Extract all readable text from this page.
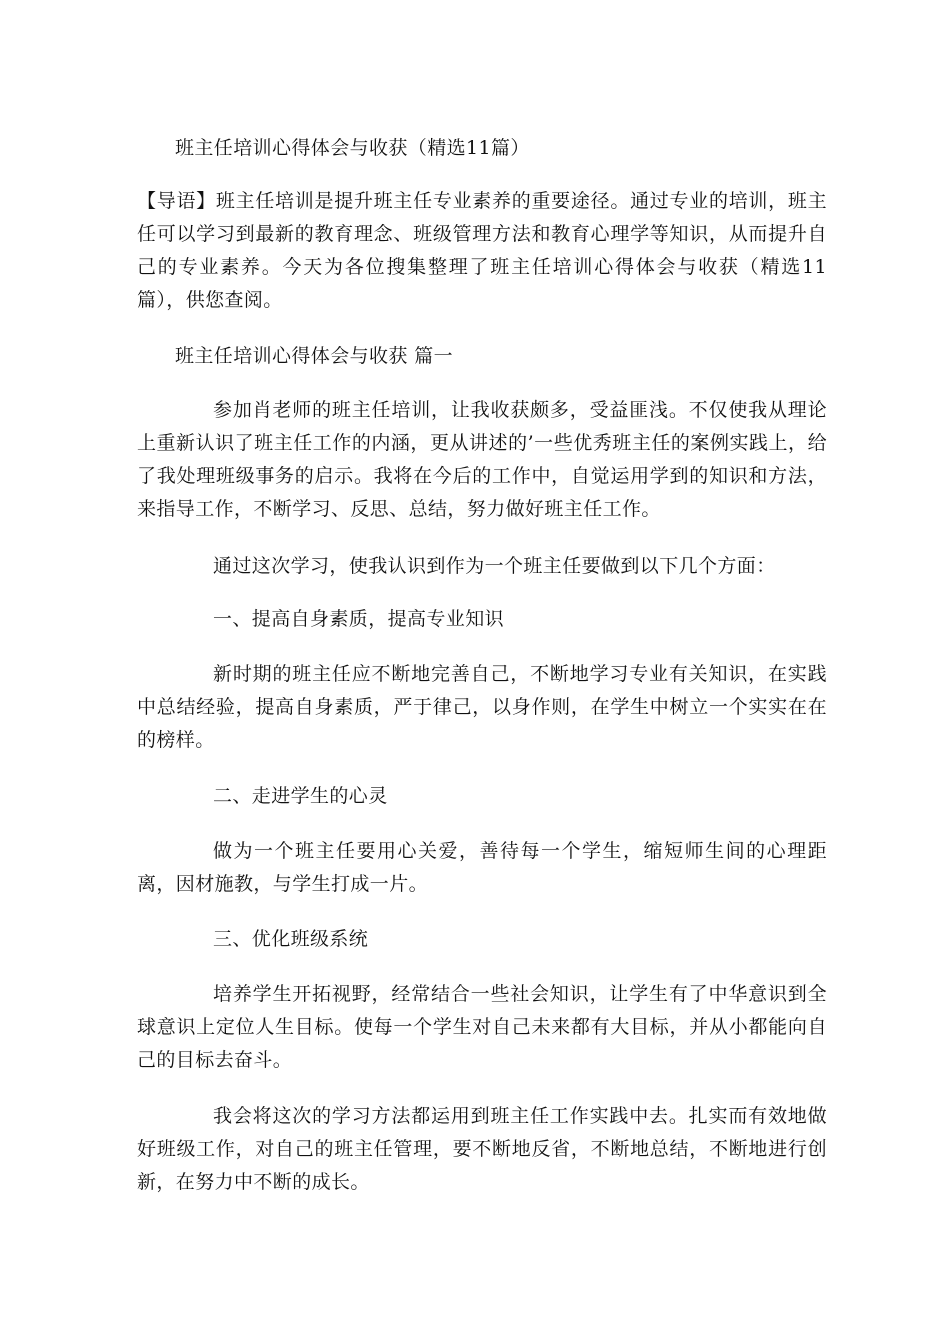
班主任培训心得体会与收获（精选11篇）
【导语】班主任培训是提升班主任专业素养的重要途径。通过专业的培训，班主任可以学习到最新的教育理念、班级管理方法和教育心理学等知识，从而提升自己的专业素养。今天为各位搜集整理了班主任培训心得体会与收获（精选11篇），供您查阅。
班主任培训心得体会与收获 篇一
参加肖老师的班主任培训，让我收获颇多，受益匪浅。不仅使我从理论上重新认识了班主任工作的内涵，更从讲述的’一些优秀班主任的案例实践上，给了我处理班级事务的启示。我将在今后的工作中，自觉运用学到的知识和方法，来指导工作，不断学习、反思、总结，努力做好班主任工作。
通过这次学习，使我认识到作为一个班主任要做到以下几个方面：
一、提高自身素质，提高专业知识
新时期的班主任应不断地完善自己，不断地学习专业有关知识，在实践中总结经验，提高自身素质，严于律己，以身作则，在学生中树立一个实实在在的榜样。
二、走进学生的心灵
做为一个班主任要用心关爱，善待每一个学生，缩短师生间的心理距离，因材施教，与学生打成一片。
三、优化班级系统
培养学生开拓视野，经常结合一些社会知识，让学生有了中华意识到全球意识上定位人生目标。使每一个学生对自己未来都有大目标，并从小都能向自己的目标去奋斗。
我会将这次的学习方法都运用到班主任工作实践中去。扎实而有效地做好班级工作，对自己的班主任管理，要不断地反省，不断地总结，不断地进行创新，在努力中不断的成长。
